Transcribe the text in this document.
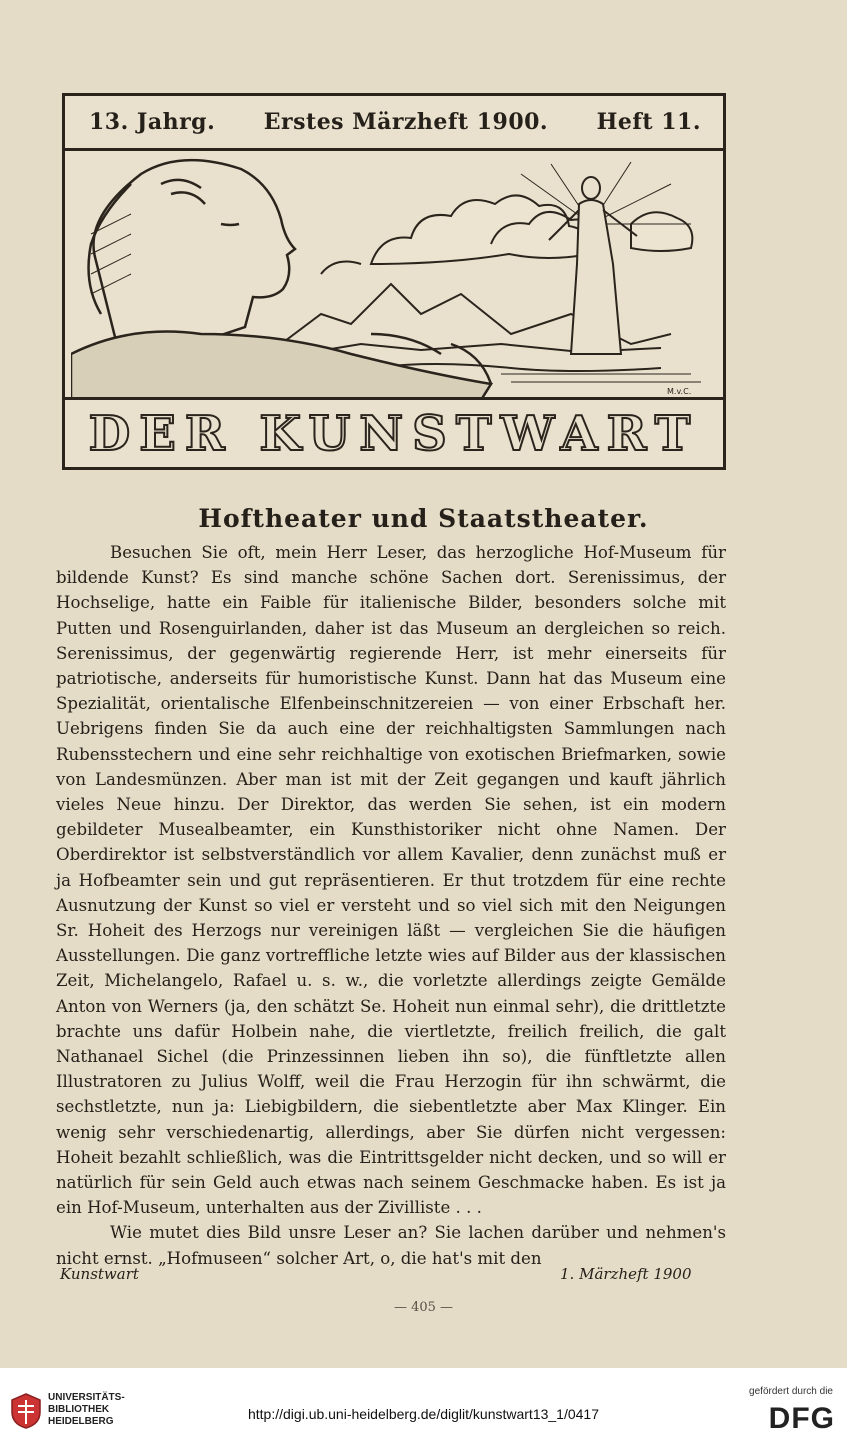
13. Jahrg. Erstes Märzheft 1900. Heft 11.
M.v.C.
DER KUNSTWART
Hoftheater und Staatstheater.

Besuchen Sie oft, mein Herr Leser, das herzogliche Hof-Museum für bildende Kunst? Es sind manche schöne Sachen dort. Serenissimus, der Hochselige, hatte ein Faible für italienische Bilder, besonders solche mit Putten und Rosenguirlanden, daher ist das Museum an dergleichen so reich. Serenissimus, der gegenwärtig regierende Herr, ist mehr einerseits für patriotische, anderseits für humoristische Kunst. Dann hat das Museum eine Spezialität, orientalische Elfenbeinschnitzereien — von einer Erbschaft her. Uebrigens finden Sie da auch eine der reichhaltigsten Sammlungen nach Rubensstechern und eine sehr reichhaltige von exotischen Briefmarken, sowie von Landesmünzen. Aber man ist mit der Zeit gegangen und kauft jährlich vieles Neue hinzu. Der Direktor, das werden Sie sehen, ist ein modern gebildeter Musealbeamter, ein Kunsthistoriker nicht ohne Namen. Der Oberdirektor ist selbstverständlich vor allem Kavalier, denn zunächst muß er ja Hofbeamter sein und gut repräsentieren. Er thut trotzdem für eine rechte Ausnutzung der Kunst so viel er versteht und so viel sich mit den Neigungen Sr. Hoheit des Herzogs nur vereinigen läßt — vergleichen Sie die häufigen Ausstellungen. Die ganz vortreffliche letzte wies auf Bilder aus der klassischen Zeit, Michelangelo, Rafael u. s. w., die vorletzte allerdings zeigte Gemälde Anton von Werners (ja, den schätzt Se. Hoheit nun einmal sehr), die drittletzte brachte uns dafür Holbein nahe, die viertletzte, freilich freilich, die galt Nathanael Sichel (die Prinzessinnen lieben ihn so), die fünftletzte allen Illustratoren zu Julius Wolff, weil die Frau Herzogin für ihn schwärmt, die sechstletzte, nun ja: Liebigbildern, die siebentletzte aber Max Klinger. Ein wenig sehr verschiedenartig, allerdings, aber Sie dürfen nicht vergessen: Hoheit bezahlt schließlich, was die Eintrittsgelder nicht decken, und so will er natürlich für sein Geld auch etwas nach seinem Geschmacke haben. Es ist ja ein Hof-Museum, unterhalten aus der Zivilliste . . .

Wie mutet dies Bild unsre Leser an? Sie lachen darüber und nehmen's nicht ernst. „Hofmuseen“ solcher Art, o, die hat's mit den

Kunstwart	1. Märzheft 1900
— 405 —
UNIVERSITÄTS-
BIBLIOTHEK
HEIDELBERG	http://digi.ub.uni-heidelberg.de/diglit/kunstwart13_1/0417
gefördert durch die
DFG
